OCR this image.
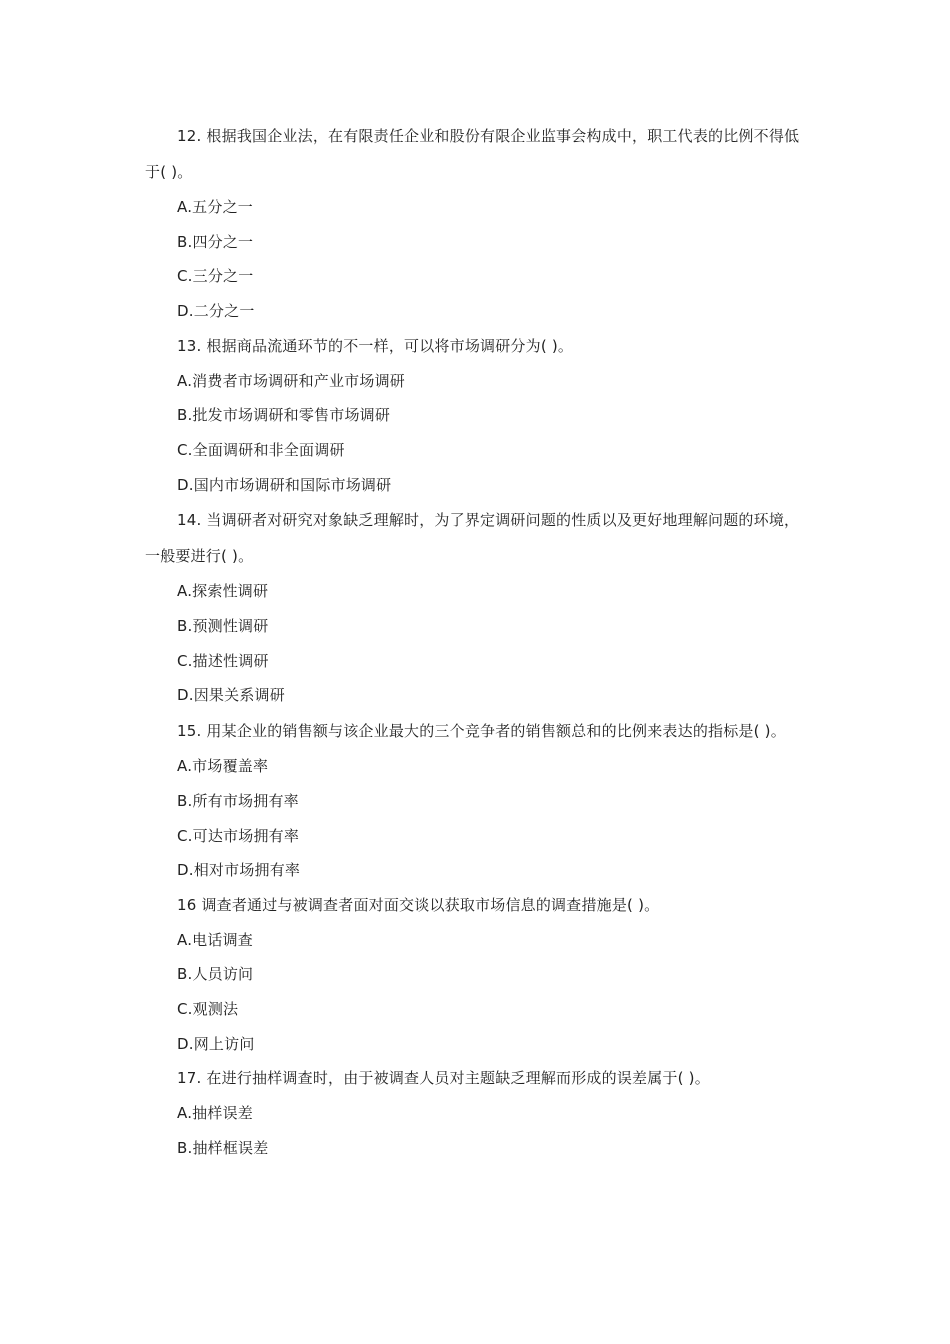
12. 根据我国企业法，在有限责任企业和股份有限企业监事会构成中，职工代表的比例不得低于( )。

A.五分之一

B.四分之一

C.三分之一

D.二分之一

13. 根据商品流通环节的不一样，可以将市场调研分为( )。

A.消费者市场调研和产业市场调研

B.批发市场调研和零售市场调研

C.全面调研和非全面调研

D.国内市场调研和国际市场调研

14. 当调研者对研究对象缺乏理解时，为了界定调研问题的性质以及更好地理解问题的环境，一般要进行( )。

A.探索性调研

B.预测性调研

C.描述性调研

D.因果关系调研

15. 用某企业的销售额与该企业最大的三个竞争者的销售额总和的比例来表达的指标是( )。

A.市场覆盖率

B.所有市场拥有率

C.可达市场拥有率

D.相对市场拥有率

16 调查者通过与被调查者面对面交谈以获取市场信息的调查措施是( )。

A.电话调查

B.人员访问

C.观测法

D.网上访问

17. 在进行抽样调查时，由于被调查人员对主题缺乏理解而形成的误差属于( )。

A.抽样误差

B.抽样框误差
